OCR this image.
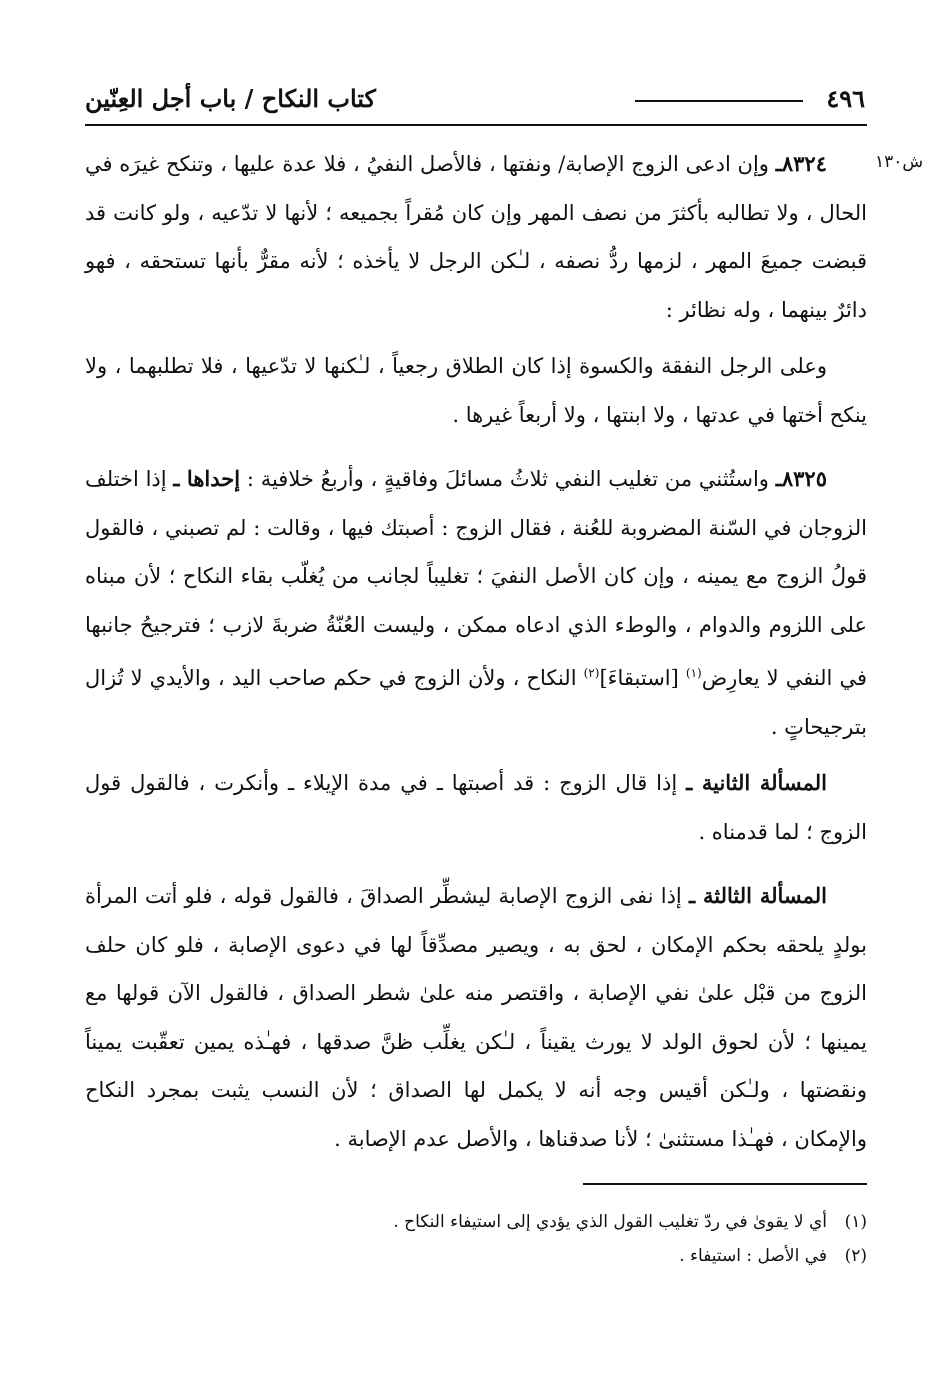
٤٩٦
كتاب النكاح / باب أجل العِنّين
ش١٣٠

٨٣٢٤ـ وإن ادعى الزوج الإصابة/ ونفتها ، فالأصل النفيُ ، فلا عدة عليها ، وتنكح غيرَه في الحال ، ولا تطالبه بأكثرَ من نصف المهر وإن كان مُقراً بجميعه ؛ لأنها لا تدّعيه ، ولو كانت قد قبضت جميعَ المهر ، لزمها ردُّ نصفه ، لـٰكن الرجل لا يأخذه ؛ لأنه مقرٌّ بأنها تستحقه ، فهو دائرٌ بينهما ، وله نظائر :

وعلى الرجل النفقة والكسوة إذا كان الطلاق رجعياً ، لـٰكنها لا تدّعيها ، فلا تطلبهما ، ولا ينكح أختها في عدتها ، ولا ابنتها ، ولا أربعاً غيرها .

٨٣٢٥ـ واستُثني من تغليب النفي ثلاثُ مسائلَ وفاقيةٍ ، وأربعُ خلافية : إحداها ـ إذا اختلف الزوجان في السّنة المضروبة للعُنة ، فقال الزوج : أصبتك فيها ، وقالت : لم تصبني ، فالقول قولُ الزوج مع يمينه ، وإن كان الأصل النفيَ ؛ تغليباً لجانب من يُغلّب بقاء النكاح ؛ لأن مبناه على اللزوم والدوام ، والوطء الذي ادعاه ممكن ، وليست العُنّةُ ضربةَ لازب ؛ فترجيحُ جانبها في النفي لا يعارِض$^{(١)}$ [استبقاءَ]$^{(٢)}$ النكاح ، ولأن الزوج في حكم صاحب اليد ، والأيدي لا تُزال بترجيحاتٍ .

المسألة الثانية ـ إذا قال الزوج : قد أصبتها ـ في مدة الإيلاء ـ وأنكرت ، فالقول قول الزوج ؛ لما قدمناه .

المسألة الثالثة ـ إذا نفى الزوج الإصابة ليشطِّر الصداقَ ، فالقول قوله ، فلو أتت المرأة بولدٍ يلحقه بحكم الإمكان ، لحق به ، ويصير مصدِّقاً لها في دعوى الإصابة ، فلو كان حلف الزوج من قبْل علىٰ نفي الإصابة ، واقتصر منه علىٰ شطر الصداق ، فالقول الآن قولها مع يمينها ؛ لأن لحوق الولد لا يورث يقيناً ، لـٰكن يغلِّب ظنَّ صدقها ، فهـٰذه يمين تعقّبت يميناً ونقضتها ، ولـٰكن أقيس وجه أنه لا يكمل لها الصداق ؛ لأن النسب يثبت بمجرد النكاح والإمكان ، فهـٰذا مستثنىٰ ؛ لأنا صدقناها ، والأصل عدم الإصابة .

(١)أي لا يقوىٰ في ردّ تغليب القول الذي يؤدي إلى استيفاء النكاح .
(٢)في الأصل : استيفاء .
